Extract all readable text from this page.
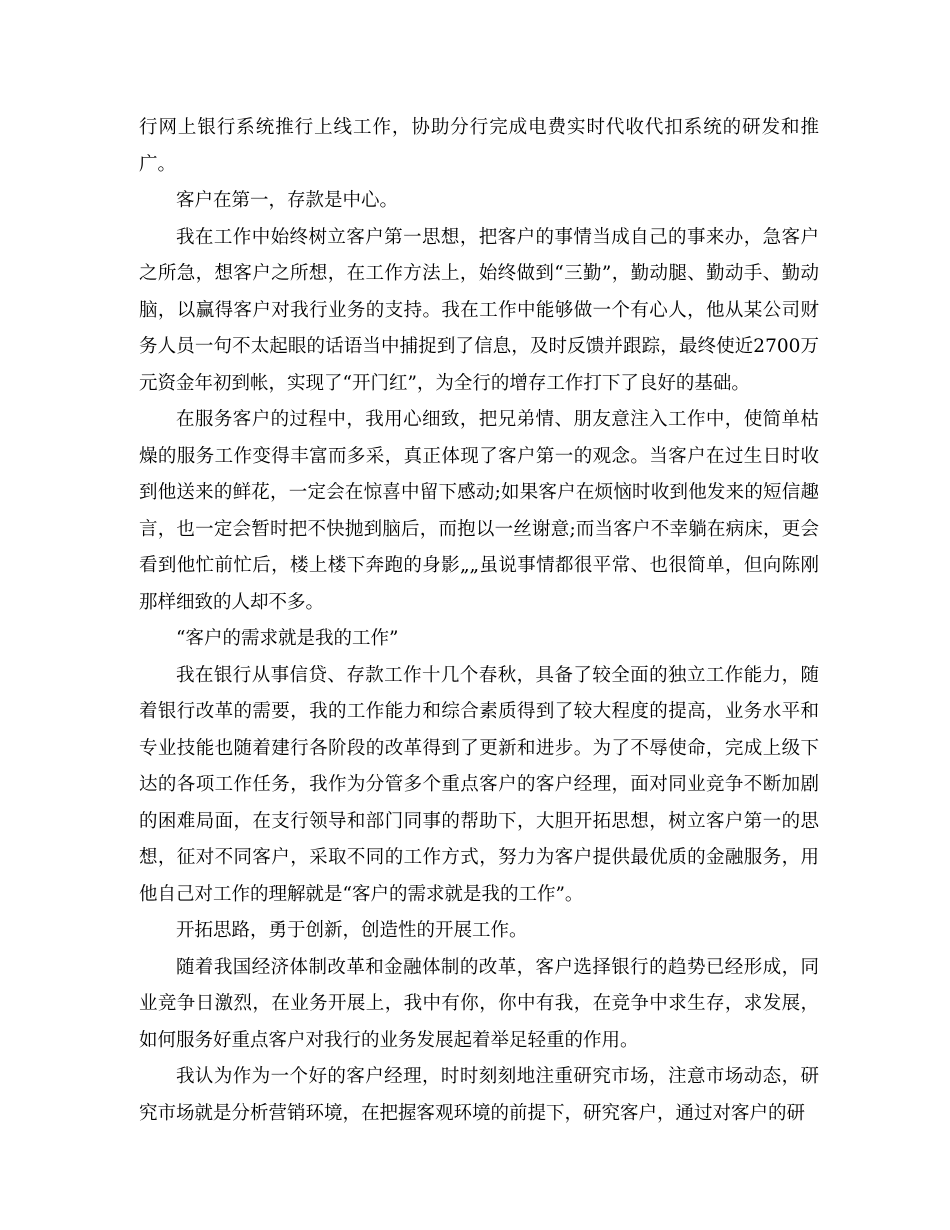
行网上银行系统推行上线工作，协助分行完成电费实时代收代扣系统的研发和推广。

客户在第一，存款是中心。

我在工作中始终树立客户第一思想，把客户的事情当成自己的事来办，急客户之所急，想客户之所想，在工作方法上，始终做到“三勤”，勤动腿、勤动手、勤动脑，以赢得客户对我行业务的支持。我在工作中能够做一个有心人，他从某公司财务人员一句不太起眼的话语当中捕捉到了信息，及时反馈并跟踪，最终使近2700万元资金年初到帐，实现了“开门红”，为全行的增存工作打下了良好的基础。

在服务客户的过程中，我用心细致，把兄弟情、朋友意注入工作中，使简单枯燥的服务工作变得丰富而多采，真正体现了客户第一的观念。当客户在过生日时收到他送来的鲜花，一定会在惊喜中留下感动;如果客户在烦恼时收到他发来的短信趣言，也一定会暂时把不快抛到脑后，而抱以一丝谢意;而当客户不幸躺在病床，更会看到他忙前忙后，楼上楼下奔跑的身影„„虽说事情都很平常、也很简单，但向陈刚那样细致的人却不多。

“客户的需求就是我的工作”

我在银行从事信贷、存款工作十几个春秋，具备了较全面的独立工作能力，随着银行改革的需要，我的工作能力和综合素质得到了较大程度的提高，业务水平和专业技能也随着建行各阶段的改革得到了更新和进步。为了不辱使命，完成上级下达的各项工作任务，我作为分管多个重点客户的客户经理，面对同业竞争不断加剧的困难局面，在支行领导和部门同事的帮助下，大胆开拓思想，树立客户第一的思想，征对不同客户，采取不同的工作方式，努力为客户提供最优质的金融服务，用他自己对工作的理解就是“客户的需求就是我的工作”。

开拓思路，勇于创新，创造性的开展工作。

随着我国经济体制改革和金融体制的改革，客户选择银行的趋势已经形成，同业竞争日激烈，在业务开展上，我中有你，你中有我，在竞争中求生存，求发展，如何服务好重点客户对我行的业务发展起着举足轻重的作用。

我认为作为一个好的客户经理，时时刻刻地注重研究市场，注意市场动态，研究市场就是分析营销环境，在把握客观环境的前提下，研究客户，通过对客户的研
